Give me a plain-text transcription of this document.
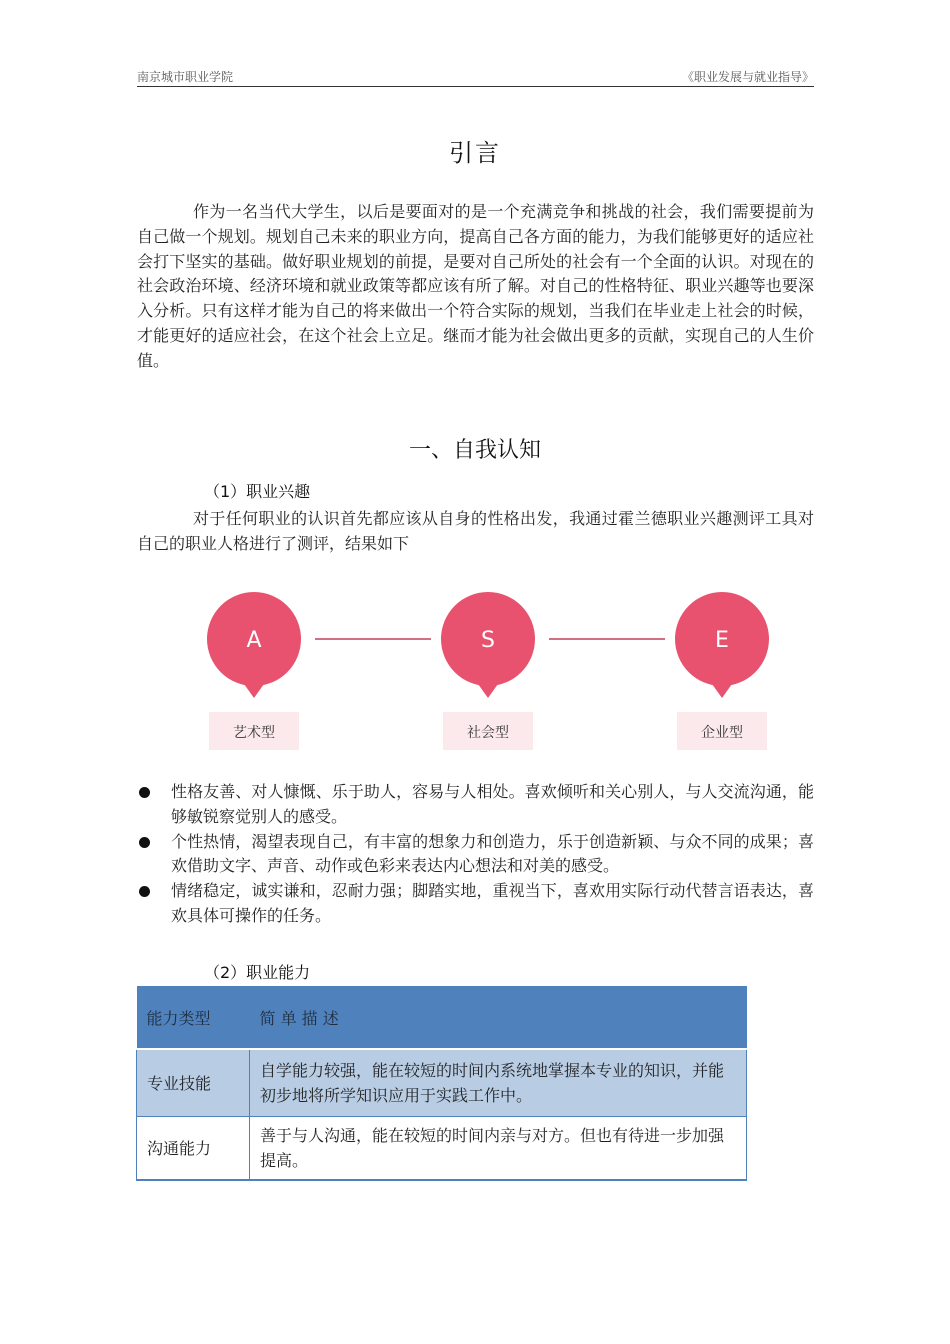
南京城市职业学院	《职业发展与就业指导》
引言

作为一名当代大学生，以后是要面对的是一个充满竞争和挑战的社会，我们需要提前为自己做一个规划。规划自己未来的职业方向，提高自己各方面的能力，为我们能够更好的适应社会打下坚实的基础。做好职业规划的前提，是要对自己所处的社会有一个全面的认识。对现在的社会政治环境、经济环境和就业政策等都应该有所了解。对自己的性格特征、职业兴趣等也要深入分析。只有这样才能为自己的将来做出一个符合实际的规划，当我们在毕业走上社会的时候，才能更好的适应社会，在这个社会上立足。继而才能为社会做出更多的贡献，实现自己的人生价值。

一、自我认知
（1）职业兴趣

对于任何职业的认识首先都应该从自身的性格出发，我通过霍兰德职业兴趣测评工具对自己的职业人格进行了测评，结果如下

A
艺术型
S
社会型
E
企业型
性格友善、对人慷慨、乐于助人，容易与人相处。喜欢倾听和关心别人，与人交流沟通，能够敏锐察觉别人的感受。
个性热情，渴望表现自己，有丰富的想象力和创造力，乐于创造新颖、与众不同的成果；喜欢借助文字、声音、动作或色彩来表达内心想法和对美的感受。
情绪稳定，诚实谦和，忍耐力强；脚踏实地，重视当下，喜欢用实际行动代替言语表达，喜欢具体可操作的任务。
（2）职业能力
能力类型	简 单 描 述
专业技能	自学能力较强，能在较短的时间内系统地掌握本专业的知识，并能初步地将所学知识应用于实践工作中。
沟通能力	善于与人沟通，能在较短的时间内亲与对方。但也有待进一步加强提高。
